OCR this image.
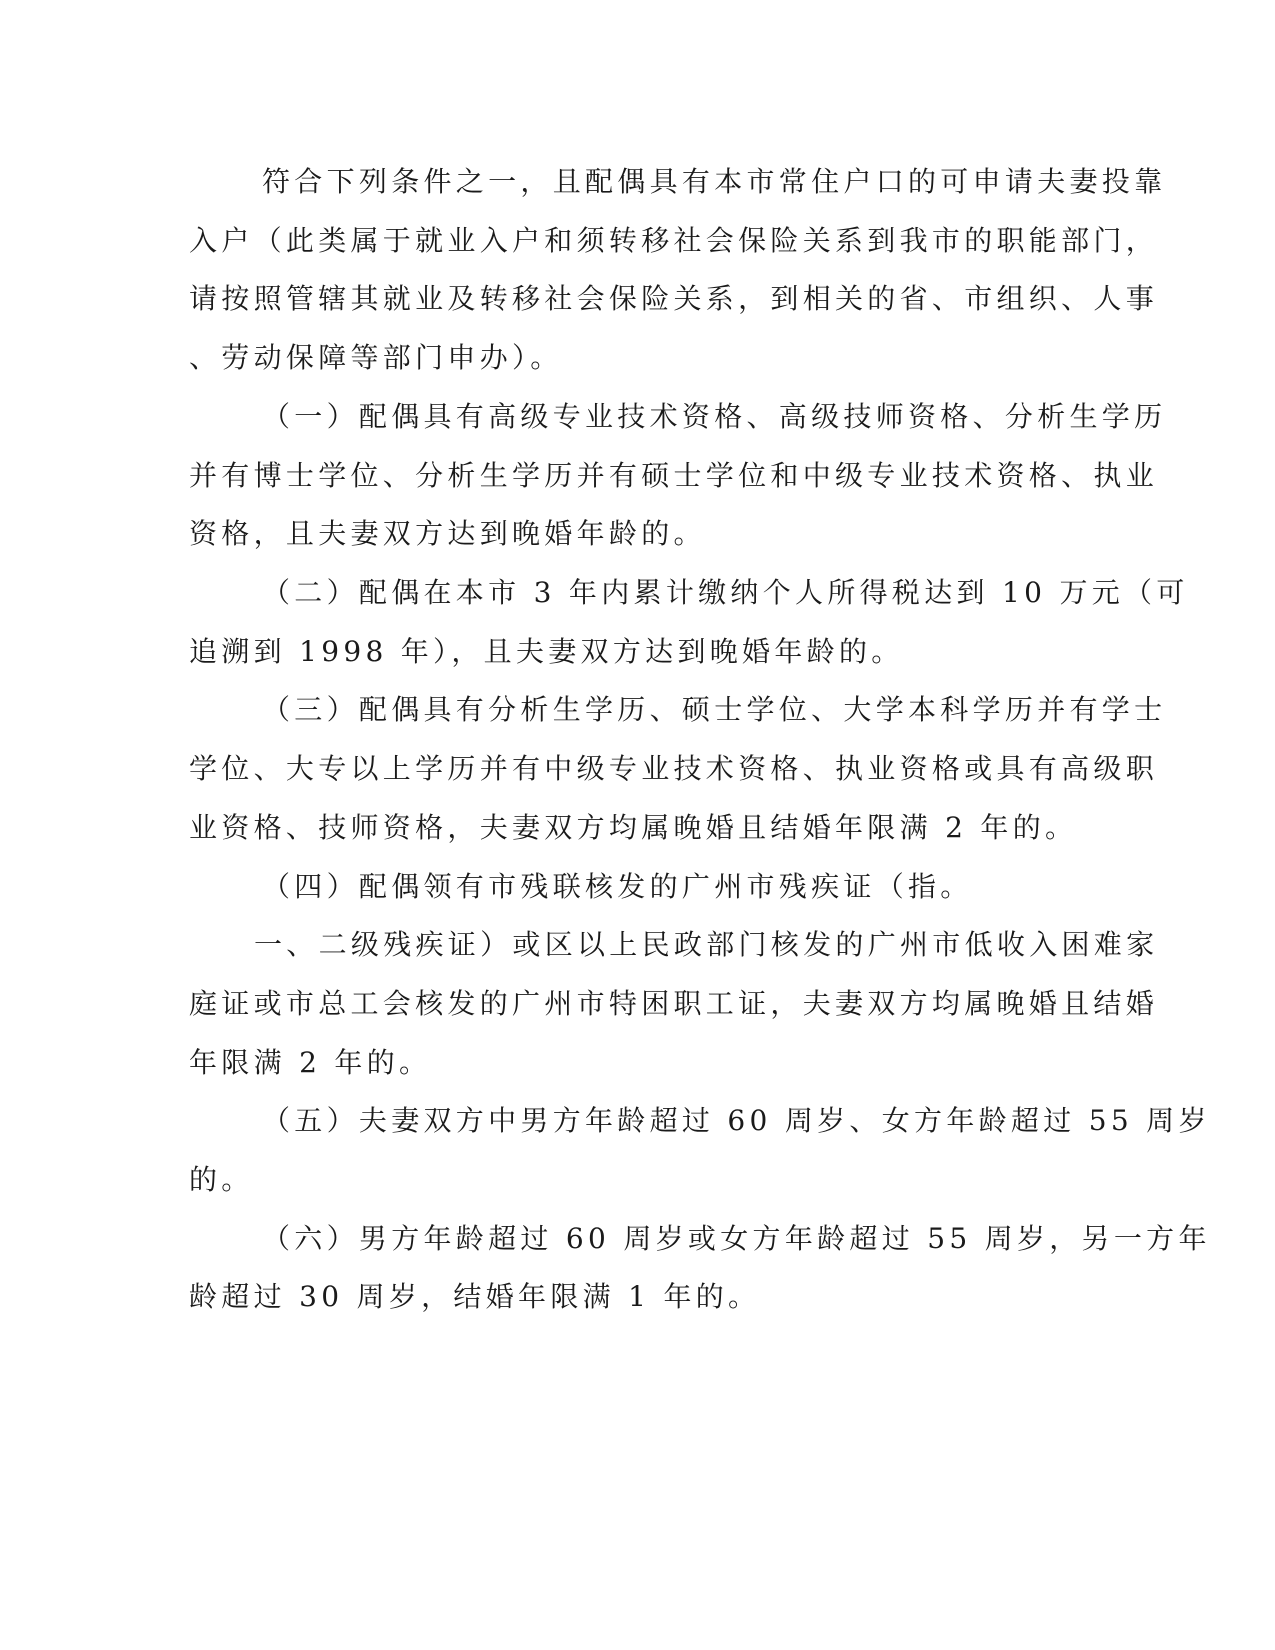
符合下列条件之一，且配偶具有本市常住户口的可申请夫妻投靠
入户（此类属于就业入户和须转移社会保险关系到我市的职能部门，
请按照管辖其就业及转移社会保险关系，到相关的省、市组织、人事
、劳动保障等部门申办）。
（一）配偶具有高级专业技术资格、高级技师资格、分析生学历
并有博士学位、分析生学历并有硕士学位和中级专业技术资格、执业
资格，且夫妻双方达到晚婚年龄的。
（二）配偶在本市 3 年内累计缴纳个人所得税达到 10 万元（可
追溯到 1998 年），且夫妻双方达到晚婚年龄的。
（三）配偶具有分析生学历、硕士学位、大学本科学历并有学士
学位、大专以上学历并有中级专业技术资格、执业资格或具有高级职
业资格、技师资格，夫妻双方均属晚婚且结婚年限满 2 年的。
（四）配偶领有市残联核发的广州市残疾证（指。
一、二级残疾证）或区以上民政部门核发的广州市低收入困难家
庭证或市总工会核发的广州市特困职工证，夫妻双方均属晚婚且结婚
年限满 2 年的。
（五）夫妻双方中男方年龄超过 60 周岁、女方年龄超过 55 周岁
的。
（六）男方年龄超过 60 周岁或女方年龄超过 55 周岁，另一方年
龄超过 30 周岁，结婚年限满 1 年的。
